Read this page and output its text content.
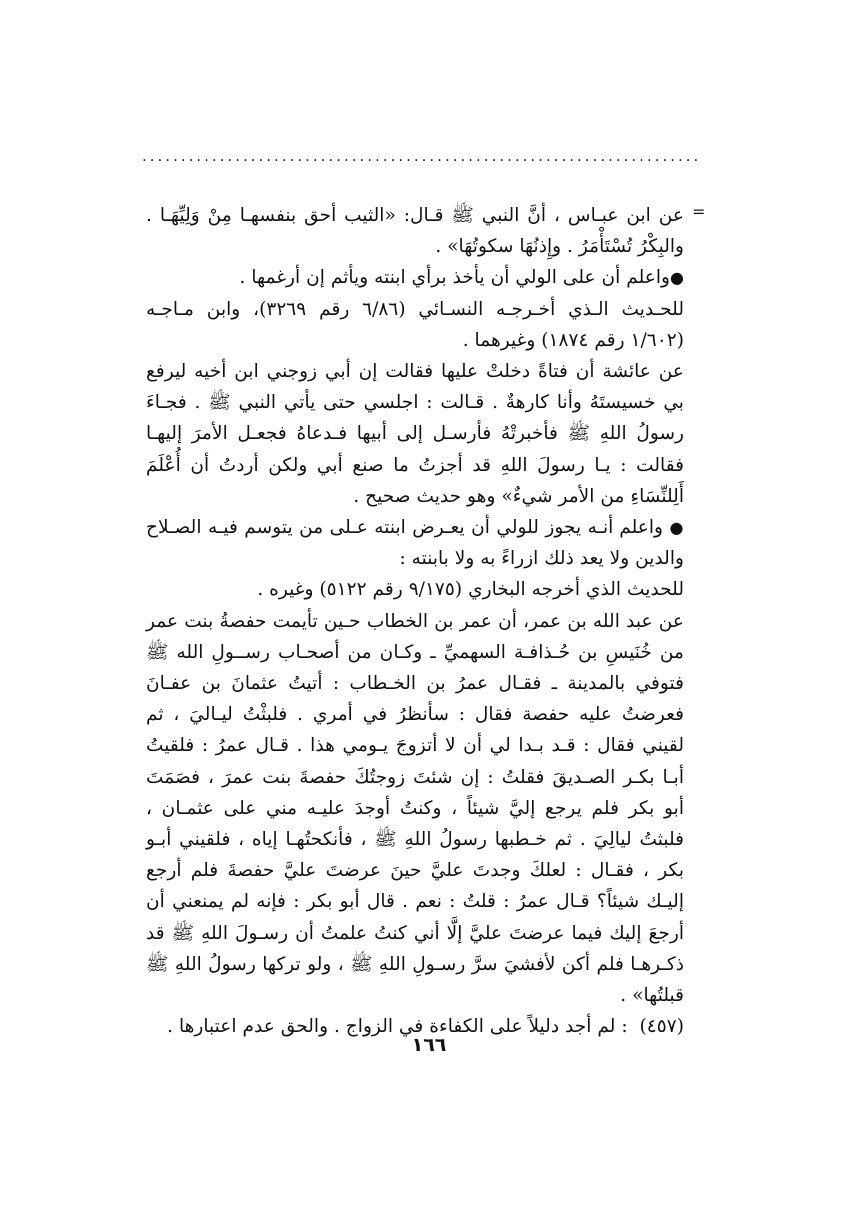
........................................................................
=

عن ابن عبـاس ، أنَّ النبي ﷺ قـال: «الثيب أحق بنفسهـا مِنْ وَلِيِّهَـا . والبِكْرُ تُسْتَأْمَرُ . وإِذنُهَا سكوتُهَا» .

●واعلم أن على الولي أن يأخذ برأي ابنته ويأثم إن أرغمها .

للحـديث الـذي أخـرجـه النسـائي (٦/٨٦ رقم ٣٢٦٩)، وابن مـاجـه (١/٦٠٢ رقم ١٨٧٤) وغيرهما .

عن عائشة أن فتاةً دخلتْ عليها فقالت إن أبي زوجني ابن أخيه ليرفع بي خسيستَهُ وأنا كارهةٌ . قـالت : اجلسي حتى يأتي النبي ﷺ . فجـاءَ رسولُ اللهِ ﷺ فأخبرتْهُ فأرسـل إلى أبيها فـدعاهُ فجعـل الأمرَ إليهـا فقالت : يـا رسولَ اللهِ قد أجزتُ ما صنع أبي ولكن أردتُ أن أُعْلَمَ أَلِلنِّسَاءِ من الأمر شيءٌ» وهو حديث صحيح .

● واعلم أنـه يجوز للولي أن يعـرض ابنته عـلى من يتوسم فيـه الصـلاح والدين ولا يعد ذلك ازراءً به ولا بابنته :

للحديث الذي أخرجه البخاري (٩/١٧٥ رقم ٥١٢٢) وغيره .

عن عبد الله بن عمر، أن عمر بن الخطاب حـين تأيمت حفصةُ بنت عمر من خُنَيسِ بن حُـذافـة السهميِّ ـ وكـان من أصحـاب رســولِ الله ﷺ فتوفي بالمدينة ـ فقـال عمرُ بن الخـطاب : أتيتُ عثمانَ بن عفـانَ فعرضتُ عليه حفصة فقال : سأنظرُ في أمري . فلبثْتُ ليـاليَ ، ثم لقيني فقال : قـد بـدا لي أن لا أتزوجَ يـومي هذا . قـال عمرُ : فلقيتُ أبـا بكـر الصـديقَ فقلتُ : إن شئتَ زوجتُكَ حفصةَ بنت عمرَ ، فصَمَتَ أبو بكر فلم يرجع إليَّ شيئاً ، وكنتُ أوجدَ عليـه مني على عثمـان ، فلبثتُ ليالِيَ . ثم خـطبها رسولُ اللهِ ﷺ ، فأنكحتُهـا إياه ، فلقيني أبـو بكر ، فقـال : لعلكَ وجدتَ عليَّ حينَ عرضتَ عليَّ حفصةَ فلم أرجع إليـك شيئاً؟ قـال عمرُ : قلتُ : نعم . قال أبو بكر : فإنه لم يمنعني أن أرجعَ إليك فيما عرضتَ عليَّ إلَّا أني كنتُ علمتُ أن رسـولَ اللهِ ﷺ قد ذكـرهـا فلم أكن لأفشيَ سرَّ رسـولِ اللهِ ﷺ ، ولو تركها رسولُ اللهِ ﷺ قبلتُها» .

(٤٥٧) : لم أجد دليلاً على الكفاءة في الزواج . والحق عدم اعتبارها .

١٦٦
